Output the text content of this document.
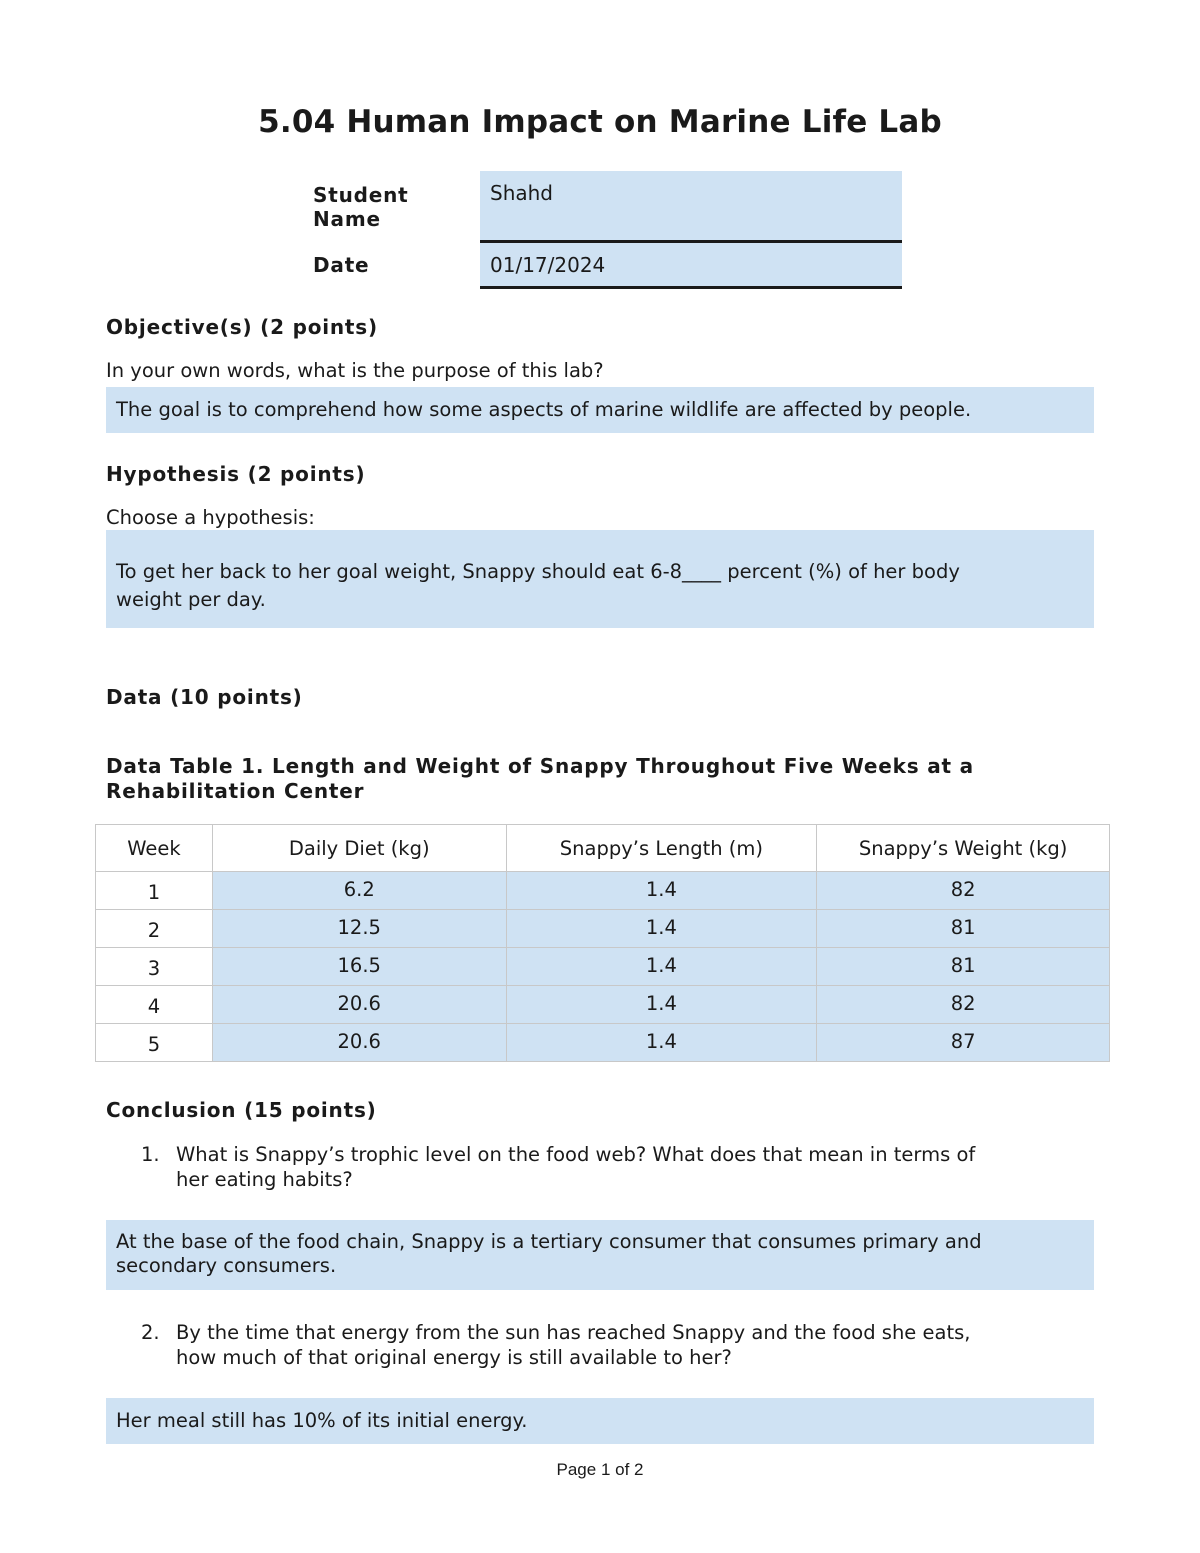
5.04 Human Impact on Marine Life Lab
Student
Name
Shahd
Date	01/17/2024
Objective(s) (2 points)
In your own words, what is the purpose of this lab?
The goal is to comprehend how some aspects of marine wildlife are affected by people.
Hypothesis (2 points)
Choose a hypothesis:
To get her back to her goal weight, Snappy should eat 6-8____ percent (%) of her body
weight per day.
Data (10 points)
Data Table 1. Length and Weight of Snappy Throughout Five Weeks at a
Rehabilitation Center
Week	Daily Diet (kg)	Snappy’s Length (m)	Snappy’s Weight (kg)
1	6.2	1.4	82
2	12.5	1.4	81
3	16.5	1.4	81
4	20.6	1.4	82
5	20.6	1.4	87
Conclusion (15 points)
1. What is Snappy’s trophic level on the food web? What does that mean in terms of
her eating habits?
At the base of the food chain, Snappy is a tertiary consumer that consumes primary and
secondary consumers.
2. By the time that energy from the sun has reached Snappy and the food she eats,
how much of that original energy is still available to her?
Her meal still has 10% of its initial energy.
Page 1 of 2
